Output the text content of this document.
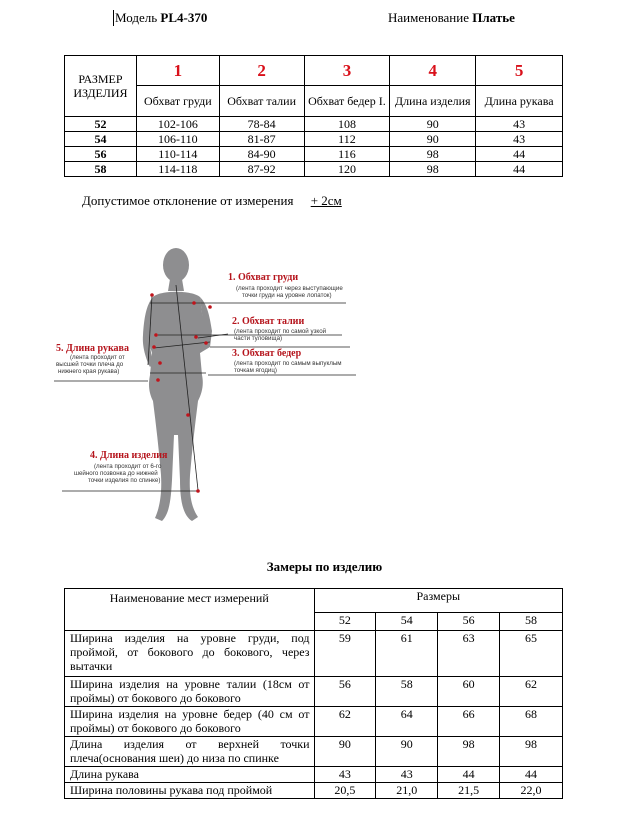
Модель PL4-370	Наименование Платье
РАЗМЕР ИЗДЕЛИЯ	1	2	3	4	5
	Обхват груди	Обхват талии	Обхват бедер I.	Длина изделия	Длина рукава
52	102-106	78-84	108	90	43
54	106-110	81-87	112	90	43
56	110-114	84-90	116	98	44
58	114-118	87-92	120	98	44
Допустимое отклонение от измерения + 2см
1. Обхват груди
(лента проходит через выступающие
точки груди на уровне лопаток)
2. Обхват талии
(лента проходит по самой узкой
части туловища)
3. Обхват бедер
(лента проходит по самым выпуклым
точкам ягодиц)
5. Длина рукава
(лента проходит от
высшей точки плеча до
нижнего края рукава)
4. Длина изделия
(лента проходит от 6-го
шейного позвонка до нижней
точки изделия по спинке)
Замеры по изделию
Наименование мест измерений	Размеры			
	52	54	56	58
Ширина изделия на уровне груди, под проймой, от бокового до бокового, через вытачки	59	61	63	65
Ширина изделия на уровне талии (18см от проймы) от бокового до бокового	56	58	60	62
Ширина изделия на уровне бедер (40 см от проймы) от бокового до бокового	62	64	66	68
Длина изделия от верхней точки плеча(основания шеи) до низа по спинке	90	90	98	98
Длина рукава	43	43	44	44
Ширина половины рукава под проймой	20,5	21,0	21,5	22,0
